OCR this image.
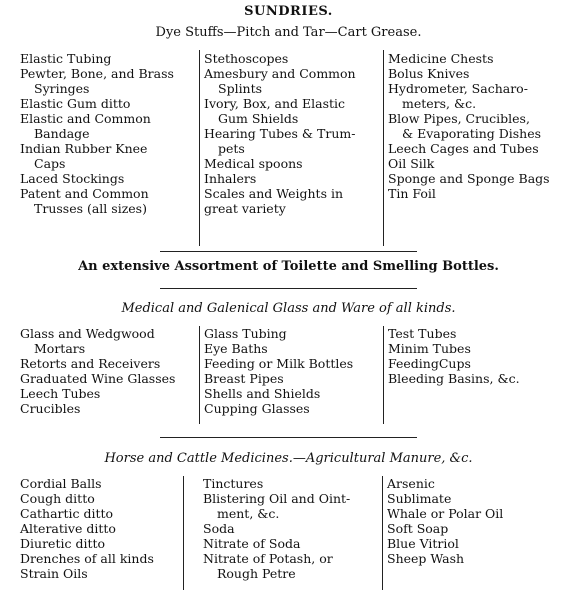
SUNDRIES.
Dye Stuffs—Pitch and Tar—Cart Grease.
Elastic Tubing
Pewter, Bone, and Brass
Syringes
Elastic Gum ditto
Elastic and Common
Bandage
Indian Rubber Knee
Caps
Laced Stockings
Patent and Common
Trusses (all sizes)
Stethoscopes
Amesbury and Common
Splints
Ivory, Box, and Elastic
Gum Shields
Hearing Tubes & Trum-
pets
Medical spoons
Inhalers
Scales and Weights in
great variety
Medicine Chests
Bolus Knives
Hydrometer, Sacharo-
meters, &c.
Blow Pipes, Crucibles,
& Evaporating Dishes
Leech Cages and Tubes
Oil Silk
Sponge and Sponge Bags
Tin Foil
An extensive Assortment of Toilette and Smelling Bottles.
Medical and Galenical Glass and Ware of all kinds.
Glass and Wedgwood
Mortars
Retorts and Receivers
Graduated Wine Glasses
Leech Tubes
Crucibles
Glass Tubing
Eye Baths
Feeding or Milk Bottles
Breast Pipes
Shells and Shields
Cupping Glasses
Test Tubes
Minim Tubes
FeedingCups
Bleeding Basins, &c.
Horse and Cattle Medicines.—Agricultural Manure, &c.
Cordial Balls
Cough ditto
Cathartic ditto
Alterative ditto
Diuretic ditto
Drenches of all kinds
Strain Oils
Tinctures
Blistering Oil and Oint-
ment, &c.
Soda
Nitrate of Soda
Nitrate of Potash, or
Rough Petre
Arsenic
Sublimate
Whale or Polar Oil
Soft Soap
Blue Vitriol
Sheep Wash
